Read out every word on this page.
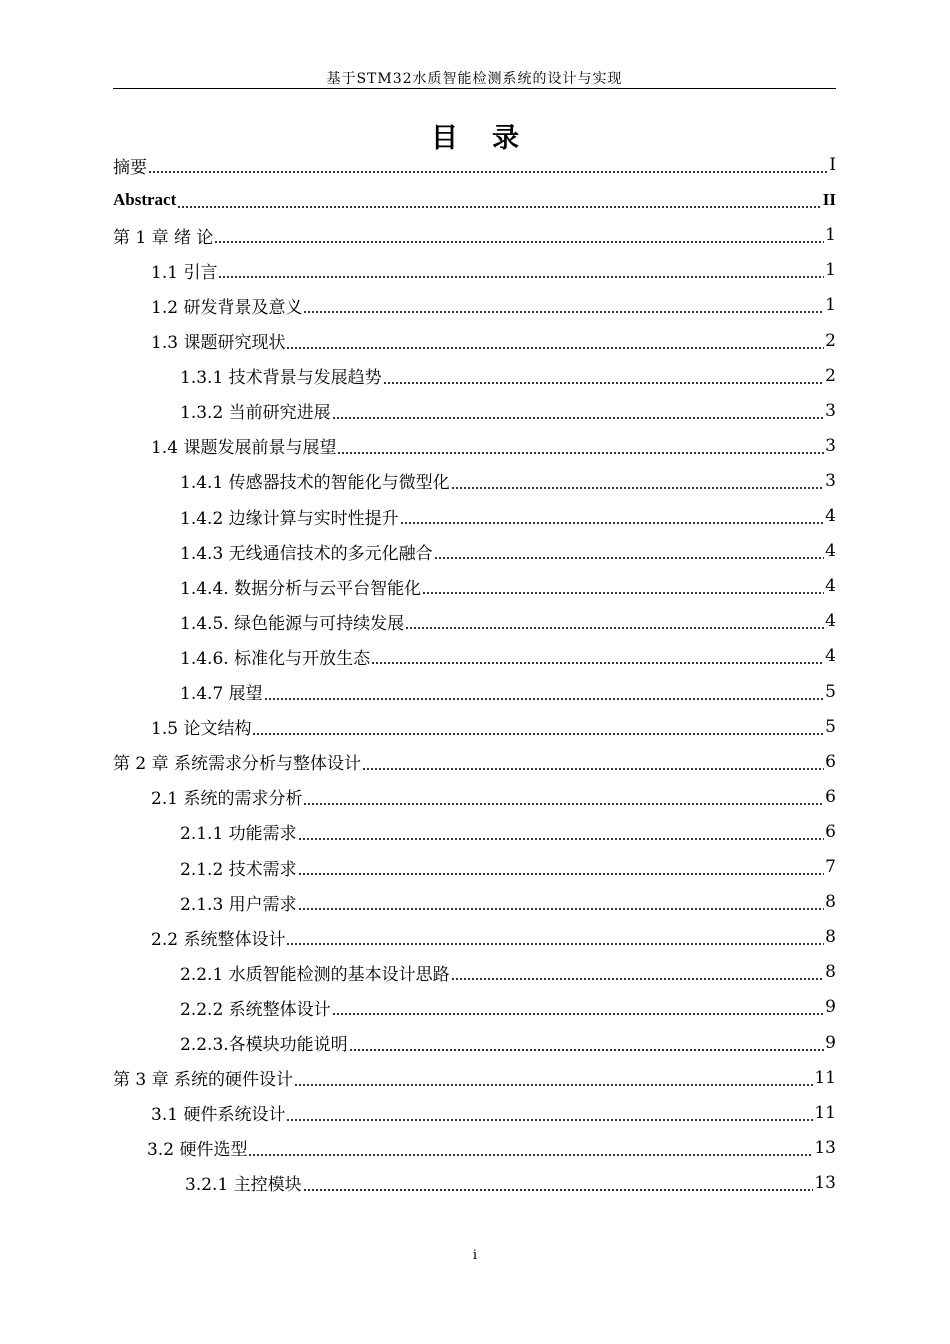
基于STM32水质智能检测系统的设计与实现
目录
摘要	I
Abstract	II
第 1 章 绪 论	1
1.1 引言	1
1.2 研发背景及意义	1
1.3 课题研究现状	2
1.3.1 技术背景与发展趋势	2
1.3.2 当前研究进展	3
1.4 课题发展前景与展望	3
1.4.1 传感器技术的智能化与微型化	3
1.4.2 边缘计算与实时性提升	4
1.4.3 无线通信技术的多元化融合	4
1.4.4. 数据分析与云平台智能化	4
1.4.5. 绿色能源与可持续发展	4
1.4.6. 标准化与开放生态	4
1.4.7 展望	5
1.5 论文结构	5
第 2 章 系统需求分析与整体设计	6
2.1 系统的需求分析	6
2.1.1 功能需求	6
2.1.2 技术需求	7
2.1.3 用户需求	8
2.2 系统整体设计	8
2.2.1 水质智能检测的基本设计思路	8
2.2.2 系统整体设计	9
2.2.3.各模块功能说明	9
第 3 章 系统的硬件设计	11
3.1 硬件系统设计	11
3.2 硬件选型	13
3.2.1 主控模块	13
i
